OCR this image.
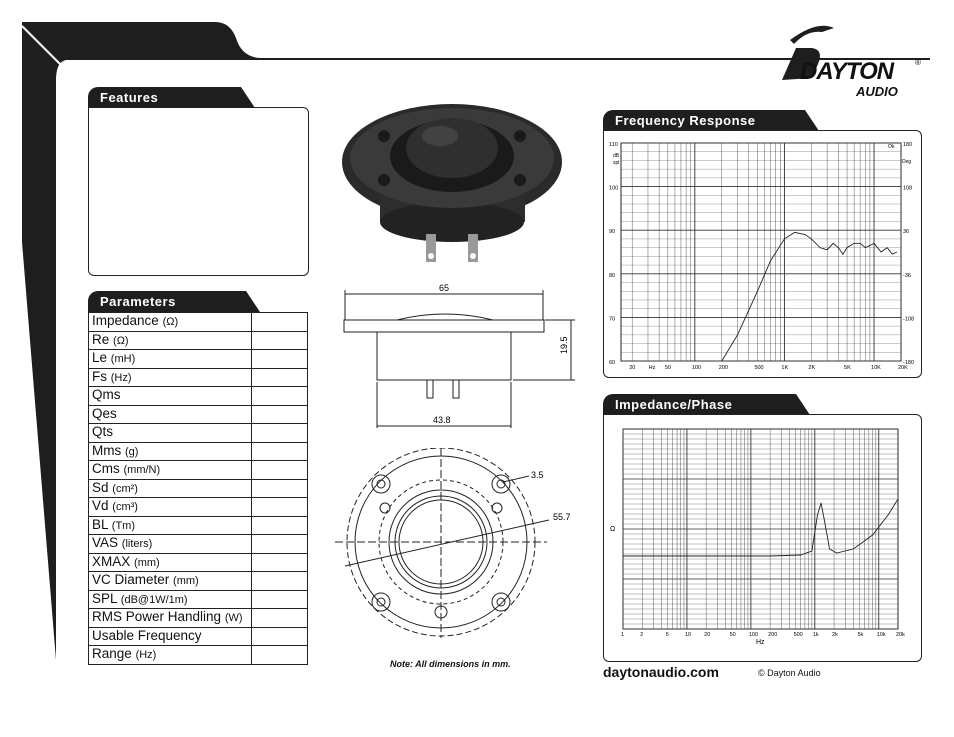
DAYTON	®
AUDIO
Features
Parameters
Impedance (Ω)	
Re (Ω)	
Le (mH)	
Fs (Hz)	
Qms	
Qes	
Qts	
Mms (g)	
Cms (mm/N)	
Sd (cm²)	
Vd (cm³)	
BL (Tm)	
VAS (liters)	
XMAX (mm)	
VC Diameter (mm)	
SPL (dB@1W/1m)	
RMS Power Handling (W)	
Usable Frequency	
Range (Hz)	
65
19.5
43.8
3.5
55.7
Note: All dimensions in mm.
Frequency Response
110
100
90
80
70
60
180
108
36
-36
-108
-180
dB
spl	Deg
Ok
20 Hz 50	100	200	500	1K	2K	5K	10K	20K
Impedance/Phase
1	2	5	10 20	50 100 200	500 1k 2k	5k 10k 20k
Ω
Hz
daytonaudio.com	© Dayton Audio
